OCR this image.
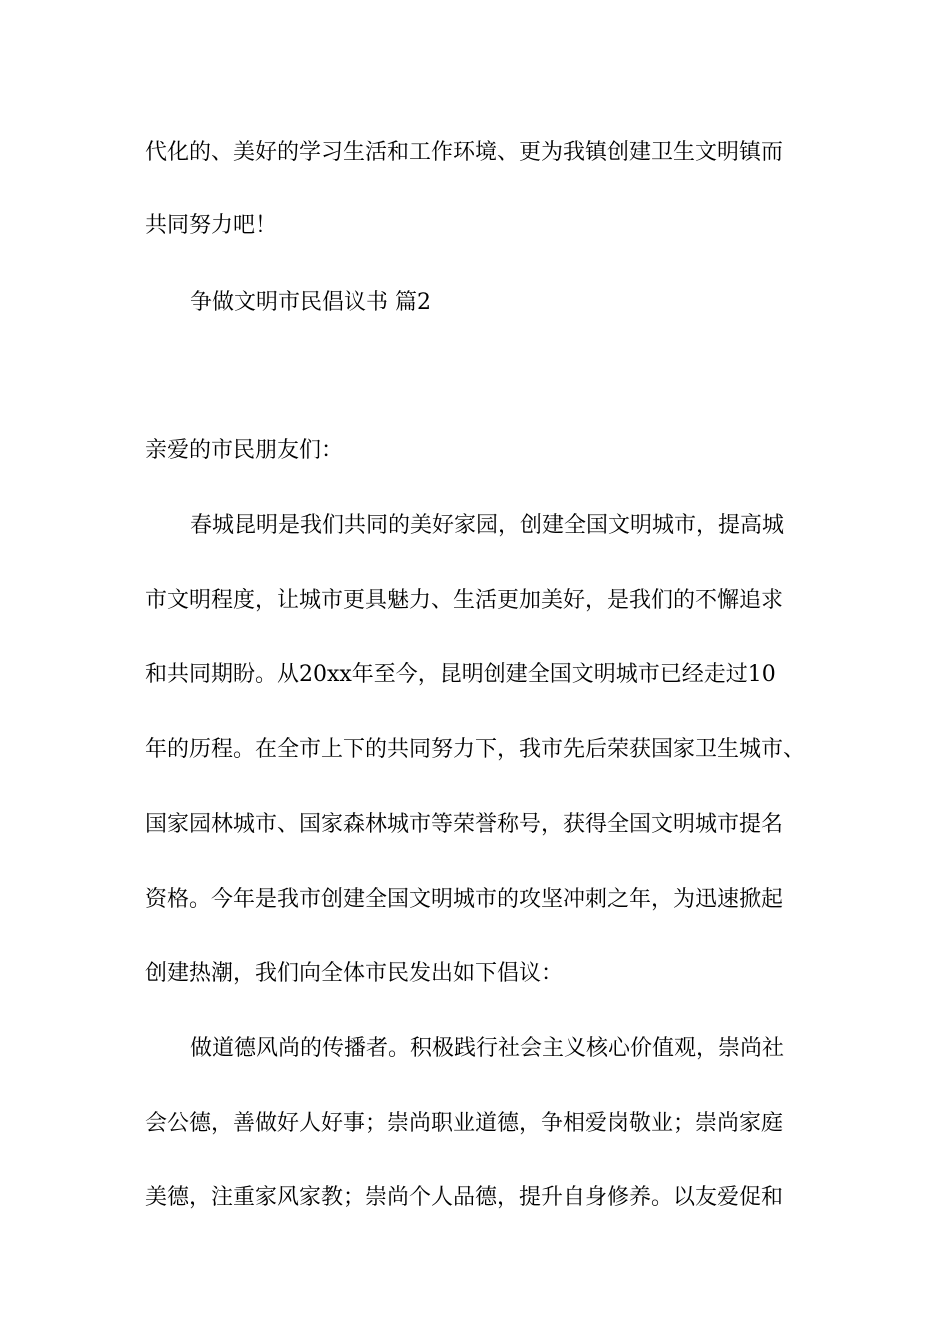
代化的、美好的学习生活和工作环境、更为我镇创建卫生文明镇而
共同努力吧！
争做文明市民倡议书 篇2
亲爱的市民朋友们：
春城昆明是我们共同的美好家园，创建全国文明城市，提高城
市文明程度，让城市更具魅力、生活更加美好，是我们的不懈追求
和共同期盼。从20xx年至今，昆明创建全国文明城市已经走过10
年的历程。在全市上下的共同努力下，我市先后荣获国家卫生城市、
国家园林城市、国家森林城市等荣誉称号，获得全国文明城市提名
资格。今年是我市创建全国文明城市的攻坚冲刺之年，为迅速掀起
创建热潮，我们向全体市民发出如下倡议：
做道德风尚的传播者。积极践行社会主义核心价值观，崇尚社
会公德，善做好人好事；崇尚职业道德，争相爱岗敬业；崇尚家庭
美德，注重家风家教；崇尚个人品德，提升自身修养。以友爱促和
